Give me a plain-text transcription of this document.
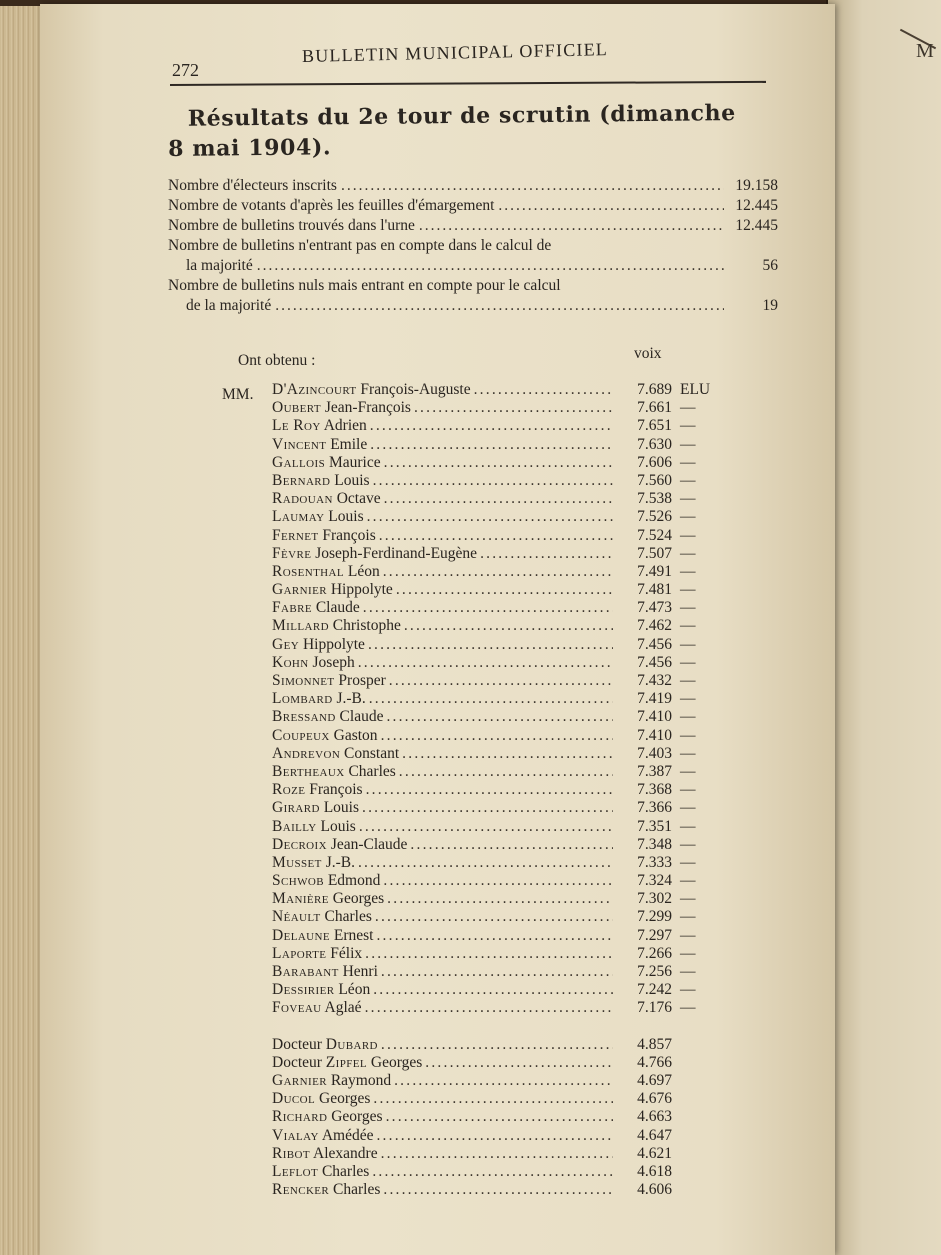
M
272
BULLETIN MUNICIPAL OFFICIEL
Résultats du 2e tour de scrutin (dimanche
8 mai 1904).
Nombre d'électeurs inscrits .....	19.158
Nombre de votants d'après les feuilles d'émargement .....	12.445
Nombre de bulletins trouvés dans l'urne .....	12.445
Nombre de bulletins n'entrant pas en compte dans le calcul de
la majorité .....	56
Nombre de bulletins nuls mais entrant en compte pour le calcul
de la majorité .....	19
Ont obtenu :	voix
MM. D'Azincourt François-Auguste .....	7.689 ELU
Oubert Jean-François .....	7.661 —
Le Roy Adrien .....	7.651 —
Vincent Emile .....	7.630 —
Gallois Maurice .....	7.606 —
Bernard Louis .....	7.560 —
Radouan Octave .....	7.538 —
Laumay Louis .....	7.526 —
Fernet François .....	7.524 —
Fèvre Joseph-Ferdinand-Eugène .....	7.507 —
Rosenthal Léon .....	7.491 —
Garnier Hippolyte .....	7.481 —
Fabre Claude .....	7.473 —
Millard Christophe .....	7.462 —
Gey Hippolyte .....	7.456 —
Kohn Joseph .....	7.456 —
Simonnet Prosper .....	7.432 —
Lombard J.-B. .....	7.419 —
Bressand Claude .....	7.410 —
Coupeux Gaston .....	7.410 —
Andrevon Constant .....	7.403 —
Bertheaux Charles .....	7.387 —
Roze François .....	7.368 —
Girard Louis .....	7.366 —
Bailly Louis .....	7.351 —
Decroix Jean-Claude .....	7.348 —
Musset J.-B. .....	7.333 —
Schwob Edmond .....	7.324 —
Manière Georges .....	7.302 —
Néault Charles .....	7.299 —
Delaune Ernest .....	7.297 —
Laporte Félix .....	7.266 —
Barabant Henri .....	7.256 —
Dessirier Léon .....	7.242 —
Foveau Aglaé .....	7.176 —
Docteur Dubard .....	4.857
Docteur Zipfel Georges .....	4.766
Garnier Raymond .....	4.697
Ducol Georges .....	4.676
Richard Georges .....	4.663
Vialay Amédée .....	4.647
Ribot Alexandre .....	4.621
Leflot Charles .....	4.618
Rencker Charles .....	4.606
